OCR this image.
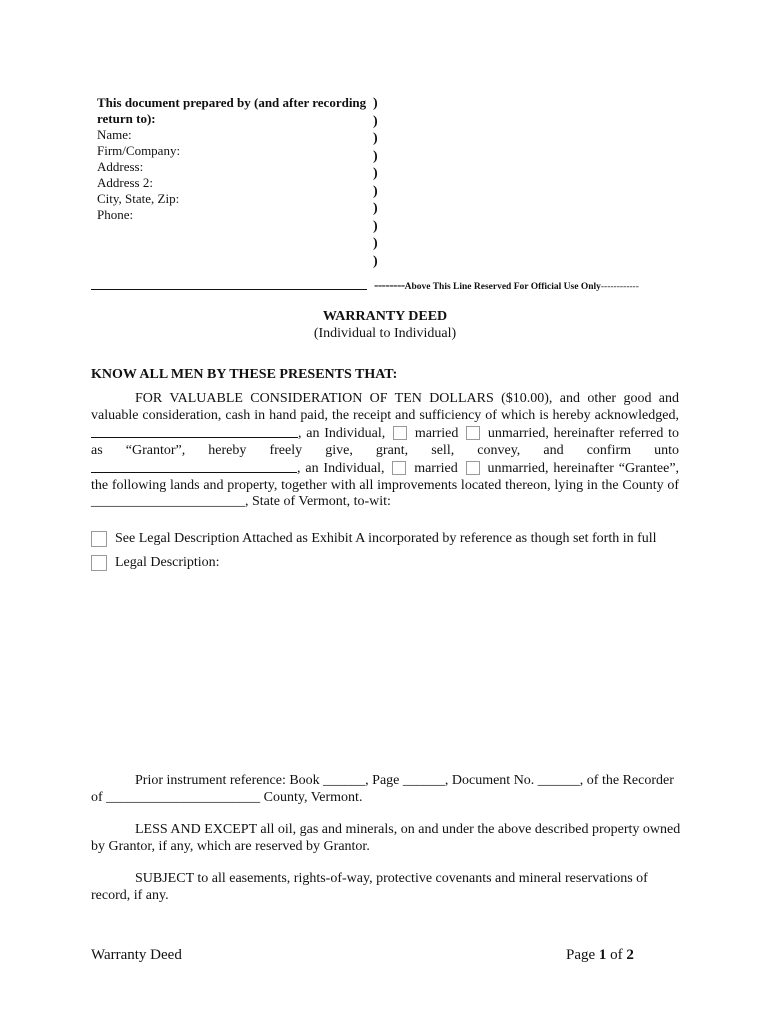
This document prepared by (and after recording return to):
Name:
Firm/Company:
Address:
Address 2:
City, State, Zip:
Phone:
)
)
)
)
)
)
)
)
)
)
--------Above This Line Reserved For Official Use Only------------
WARRANTY DEED
(Individual to Individual)
KNOW ALL MEN BY THESE PRESENTS THAT:
FOR VALUABLE CONSIDERATION OF TEN DOLLARS ($10.00), and other good and valuable consideration, cash in hand paid, the receipt and sufficiency of which is hereby acknowledged, , an Individual, married unmarried, hereinafter referred to as “Grantor”, hereby freely give, grant, sell, convey, and confirm unto , an Individual, married unmarried, hereinafter “Grantee”, the following lands and property, together with all improvements located thereon, lying in the County of ______________________, State of Vermont, to-wit:
See Legal Description Attached as Exhibit A incorporated by reference as though set forth in full
Legal Description:
Prior instrument reference: Book ______, Page ______, Document No. ______, of the Recorder of ______________________ County, Vermont.
LESS AND EXCEPT all oil, gas and minerals, on and under the above described property owned by Grantor, if any, which are reserved by Grantor.
SUBJECT to all easements, rights-of-way, protective covenants and mineral reservations of record, if any.
Warranty Deed	Page 1 of 2
